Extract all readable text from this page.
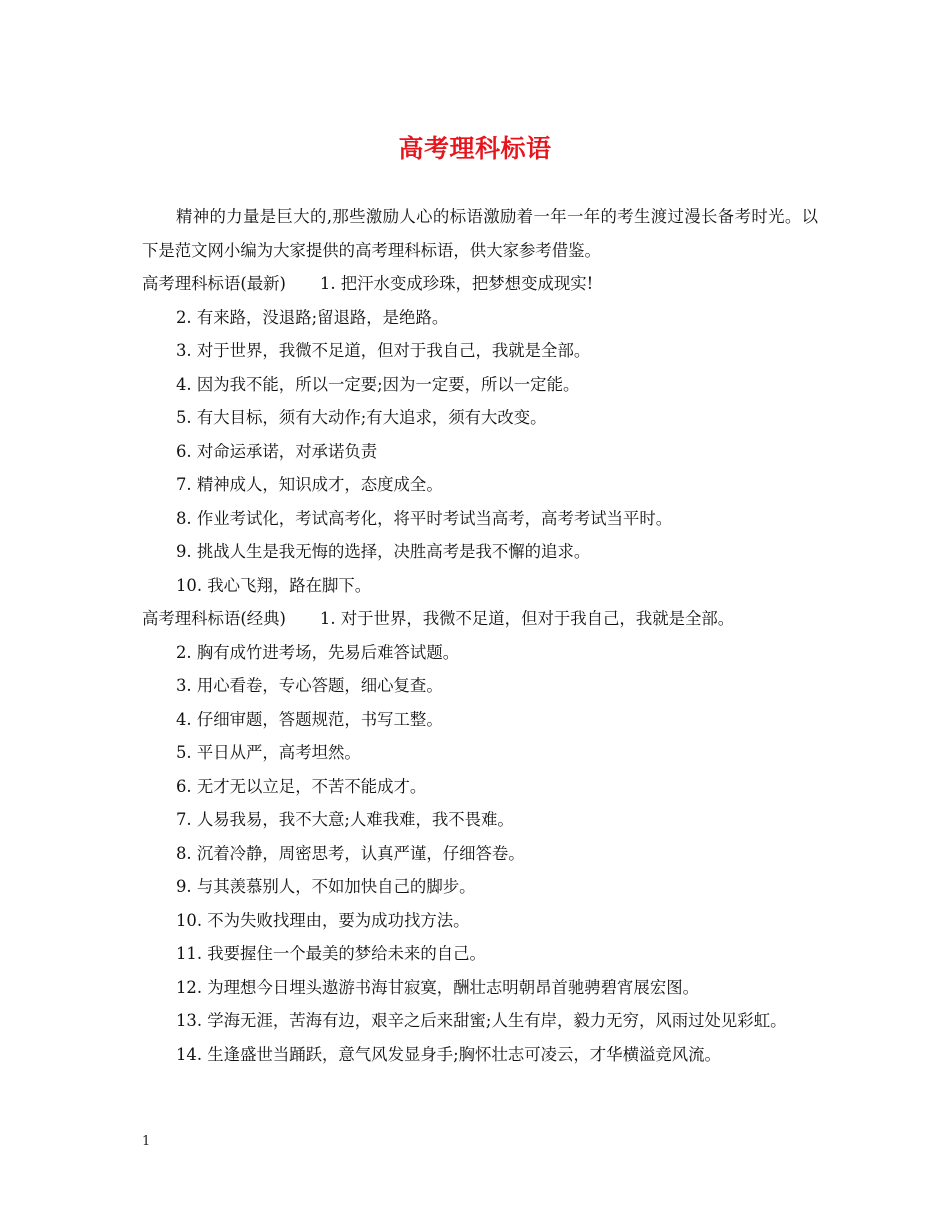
高考理科标语

精神的力量是巨大的,那些激励人心的标语激励着一年一年的考生渡过漫长备考时光。以下是范文网小编为大家提供的高考理科标语，供大家参考借鉴。

高考理科标语(最新) 1. 把汗水变成珍珠，把梦想变成现实!

2. 有来路，没退路;留退路，是绝路。

3. 对于世界，我微不足道，但对于我自己，我就是全部。

4. 因为我不能，所以一定要;因为一定要，所以一定能。

5. 有大目标，须有大动作;有大追求，须有大改变。

6. 对命运承诺，对承诺负责

7. 精神成人，知识成才，态度成全。

8. 作业考试化，考试高考化，将平时考试当高考，高考考试当平时。

9. 挑战人生是我无悔的选择，决胜高考是我不懈的追求。

10. 我心飞翔，路在脚下。

高考理科标语(经典) 1. 对于世界，我微不足道，但对于我自己，我就是全部。

2. 胸有成竹进考场，先易后难答试题。

3. 用心看卷，专心答题，细心复查。

4. 仔细审题，答题规范，书写工整。

5. 平日从严，高考坦然。

6. 无才无以立足，不苦不能成才。

7. 人易我易，我不大意;人难我难，我不畏难。

8. 沉着冷静，周密思考，认真严谨，仔细答卷。

9. 与其羡慕别人，不如加快自己的脚步。

10. 不为失败找理由，要为成功找方法。

11. 我要握住一个最美的梦给未来的自己。

12. 为理想今日埋头遨游书海甘寂寞，酬壮志明朝昂首驰骋碧宵展宏图。

13. 学海无涯，苦海有边，艰辛之后来甜蜜;人生有岸，毅力无穷，风雨过处见彩虹。

14. 生逢盛世当踊跃，意气风发显身手;胸怀壮志可凌云，才华横溢竞风流。

1
